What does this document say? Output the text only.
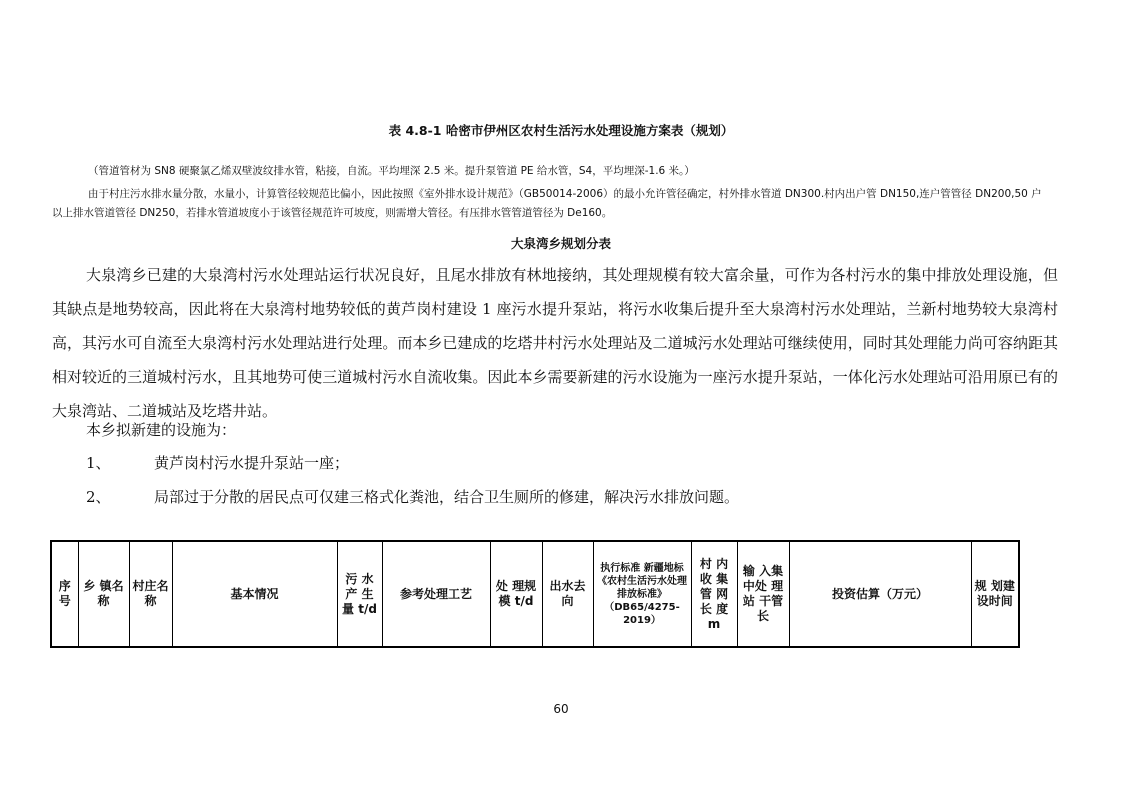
表 4.8-1 哈密市伊州区农村生活污水处理设施方案表（规划）
（管道管材为 SN8 硬聚氯乙烯双壁波纹排水管，粘接，自流。平均埋深 2.5 米。提升泵管道 PE 给水管，S4，平均埋深-1.6 米。）
由于村庄污水排水量分散，水量小，计算管径较规范比偏小，因此按照《室外排水设计规范》（GB50014-2006）的最小允许管径确定，村外排水管道 DN300.村内出户管 DN150,连户管管径 DN200,50 户以上排水管道管径 DN250，若排水管道坡度小于该管径规范许可坡度，则需增大管径。有压排水管管道管径为 De160。
大泉湾乡规划分表
大泉湾乡已建的大泉湾村污水处理站运行状况良好，且尾水排放有林地接纳，其处理规模有较大富余量，可作为各村污水的集中排放处理设施，但其缺点是地势较高，因此将在大泉湾村地势较低的黄芦岗村建设 1 座污水提升泵站，将污水收集后提升至大泉湾村污水处理站，兰新村地势较大泉湾村高，其污水可自流至大泉湾村污水处理站进行处理。而本乡已建成的圪塔井村污水处理站及二道城污水处理站可继续使用，同时其处理能力尚可容纳距其相对较近的三道城村污水，且其地势可使三道城村污水自流收集。因此本乡需要新建的污水设施为一座污水提升泵站，一体化污水处理站可沿用原已有的大泉湾站、二道城站及圪塔井站。
本乡拟新建的设施为：
1、	黄芦岗村污水提升泵站一座；
2、	局部过于分散的居民点可仅建三格式化粪池，结合卫生厕所的修建，解决污水排放问题。
序号	乡 镇名称	村庄名称	基本情况	污 水产 生量 t/d	参考处理工艺	处 理规 模 t/d	出水去向	执行标准 新疆地标《农村生活污水处理排放标准》（DB65/4275-2019）	村 内收 集管 网长 度 m	输 入集 中处 理站 干管 长	投资估算（万元）	规 划建 设时间
60
